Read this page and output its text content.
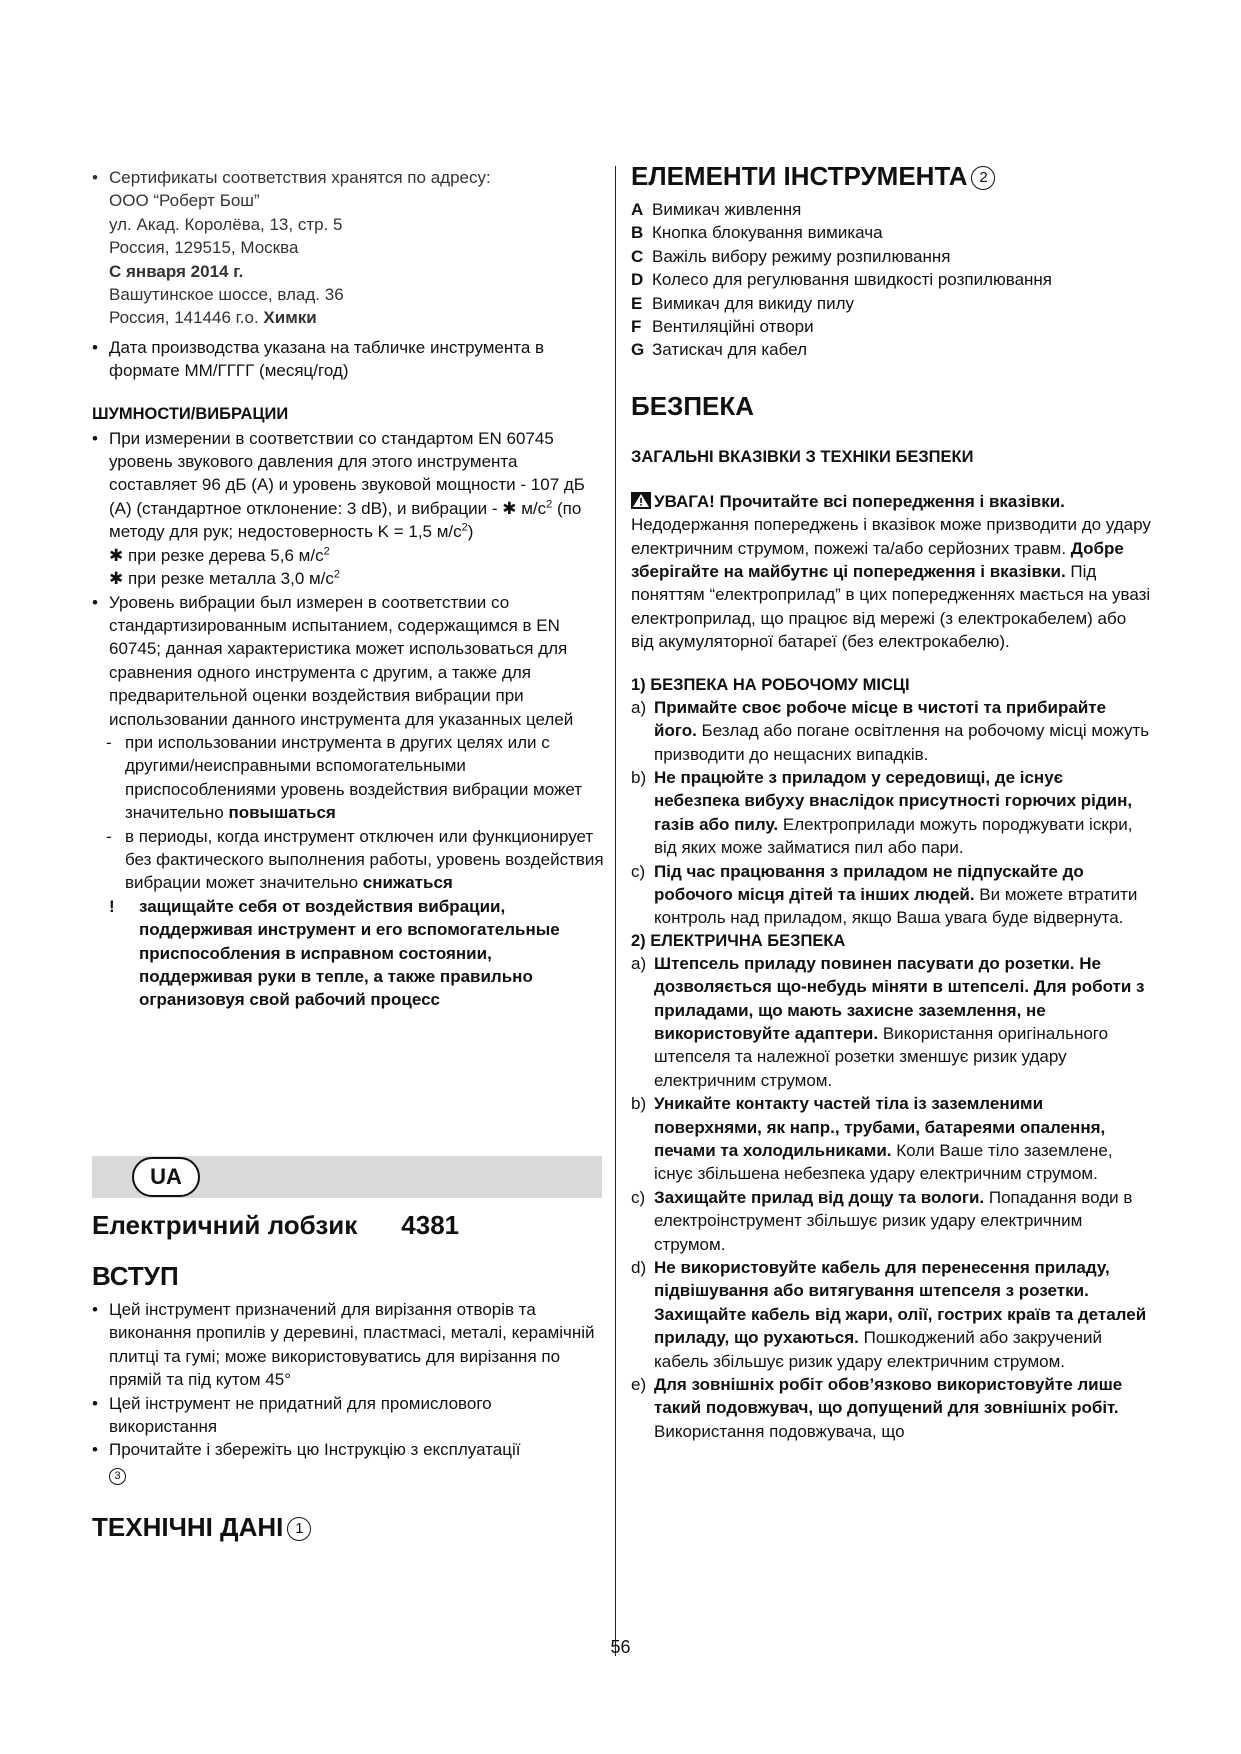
• Сертификаты соответствия хранятся по адресу:
ООО “Роберт Бош”
ул. Акад. Королёва, 13, стр. 5
Россия, 129515, Москва
С января 2014 г.
Вашутинское шоссе, влад. 36
Россия, 141446 г.о. Химки
• Дата производства указана на табличке инструмента в формате ММ/ГГГГ (месяц/год)
ШУМНОСТИ/ВИБРАЦИИ
• При измерении в соответствии со стандартом EN 60745 уровень звукового давления для этого инструмента составляет 96 дБ (A) и уровень звуковой мощности - 107 дБ (A) (стандартное отклонение: 3 dB), и вибрации - ✱ $м/с^2$ (по методу для рук; недостоверность K = 1,5 $м/с^2$)
✱ при резке дерева 5,6 $м/с^2$
✱ при резке металла 3,0 $м/с^2$
• Уровень вибрации был измерен в соответствии со стандартизированным испытанием, содержащимся в EN 60745; данная характеристика может использоваться для сравнения одного инструмента с другим, а также для предварительной оценки воздействия вибрации при использовании данного инструмента для указанных целей
- при использовании инструмента в других целях или с другими/неисправными вспомогательными приспособлениями уровень воздействия вибрации может значительно повышаться
- в периоды, когда инструмент отключен или функционирует без фактического выполнения работы, уровень воздействия вибрации может значительно снижаться
! защищайте себя от воздействия вибрации, поддерживая инструмент и его вспомогательные приспособления в исправном состоянии, поддерживая руки в тепле, а также правильно огранизовуя свой рабочий процесс
UA
Електричний лобзик 4381
ВСТУП
• Цей інструмент призначений для вирізання отворів та виконання пропилів у деревині, пластмасі, металі, керамічній плитці та гумі; може використовуватись для вирізання по прямій та під кутом 45°
• Цей інструмент не придатний для промислового використання
• Прочитайте і збережіть цю Інструкцію з експлуатації
3
ТЕХНІЧНІ ДАНІ 1
ЕЛЕМЕНТИ ІНСТРУМЕНТА 2
A Вимикач живлення
B Кнопка блокування вимикача
C Важіль вибору режиму розпилювання
D Колесо для регулювання швидкості розпилювання
E Вимикач для викиду пилу
F Вентиляційні отвори
G Затискач для кабел
БЕЗПЕКА
ЗАГАЛЬНІ ВКАЗІВКИ З ТЕХНІКИ БЕЗПЕКИ
УВАГА! Прочитайте всі попередження і вказівки. Недодержання попереджень і вказівок може призводити до удару електричним струмом, пожежі та/або серйозних травм. Добре зберігайте на майбутнє ці попередження і вказівки. Під поняттям “електроприлад” в цих попередженнях мається на увазі електроприлад, що працює від мережі (з електрокабелем) або від акумуляторної батареї (без електрокабелю).
1) БЕЗПЕКА НА РОБОЧОМУ МІСЦІ
a) Примайте своє робоче місце в чистоті та прибирайте його. Безлад або погане освітлення на робочому місці можуть призводити до нещасних випадків.
b) Не працюйте з приладом у середовищі, де існує небезпека вибуху внаслідок присутності горючих рідин, газів або пилу. Електроприлади можуть породжувати іскри, від яких може займатися пил або пари.
c) Під час працювання з приладом не підпускайте до робочого місця дітей та інших людей. Ви можете втратити контроль над приладом, якщо Ваша увага буде відвернута.
2) ЕЛЕКТРИЧНА БЕЗПЕКА
a) Штепсель приладу повинен пасувати до розетки. Не дозволяється що-небудь міняти в штепселі. Для роботи з приладами, що мають захисне заземлення, не використовуйте адаптери. Використання оригінального штепселя та належної розетки зменшує ризик удару електричним струмом.
b) Уникайте контакту частей тіла із заземленими поверхнями, як напр., трубами, батареями опалення, печами та холодильниками. Коли Ваше тіло заземлене, існує збільшена небезпека удару електричним струмом.
c) Захищайте прилад від дощу та вологи. Попадання води в електроінструмент збільшує ризик удару електричним струмом.
d) Не використовуйте кабель для перенесення приладу, підвішування або витягування штепселя з розетки. Захищайте кабель від жари, олії, гострих країв та деталей приладу, що рухаються. Пошкоджений або закручений кабель збільшує ризик удару електричним струмом.
e) Для зовнішніх робіт обов’язково використовуйте лише такий подовжувач, що допущений для зовнішніх робіт. Використання подовжувача, що
56
